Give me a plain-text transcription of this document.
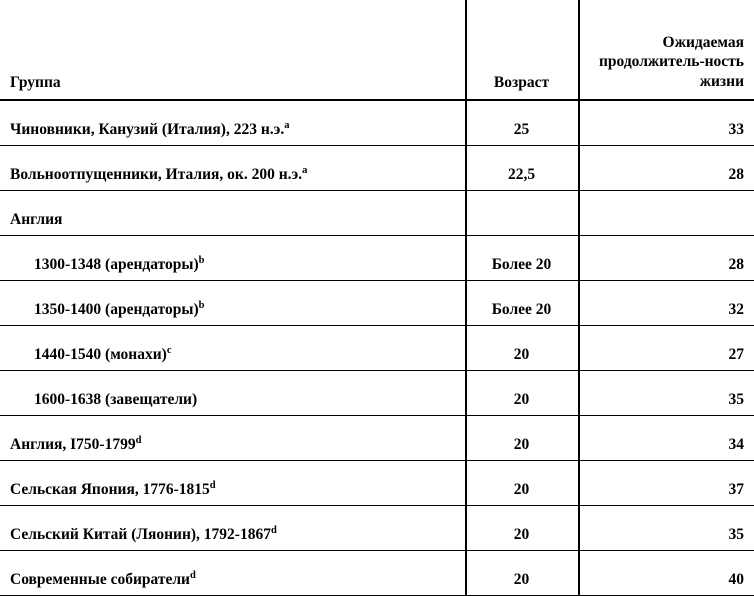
Группа	Возраст	Ожидаемая продолжитель-ность жизни
Чиновники, Канузий (Италия), 223 н.э.$^a$	25	33
Вольноотпущенники, Италия, ок. 200 н.э.$^a$	22,5	28
Англия		
1300-1348 (арендаторы)$^b$	Более 20	28
1350-1400 (арендаторы)$^b$	Более 20	32
1440-1540 (монахи)$^c$	20	27
1600-1638 (завещатели)	20	35
Англия, I750-1799$^d$	20	34
Сельская Япония, 1776-1815$^d$	20	37
Сельский Китай (Ляонин), 1792-1867$^d$	20	35
Современные собиратели$^d$	20	40
